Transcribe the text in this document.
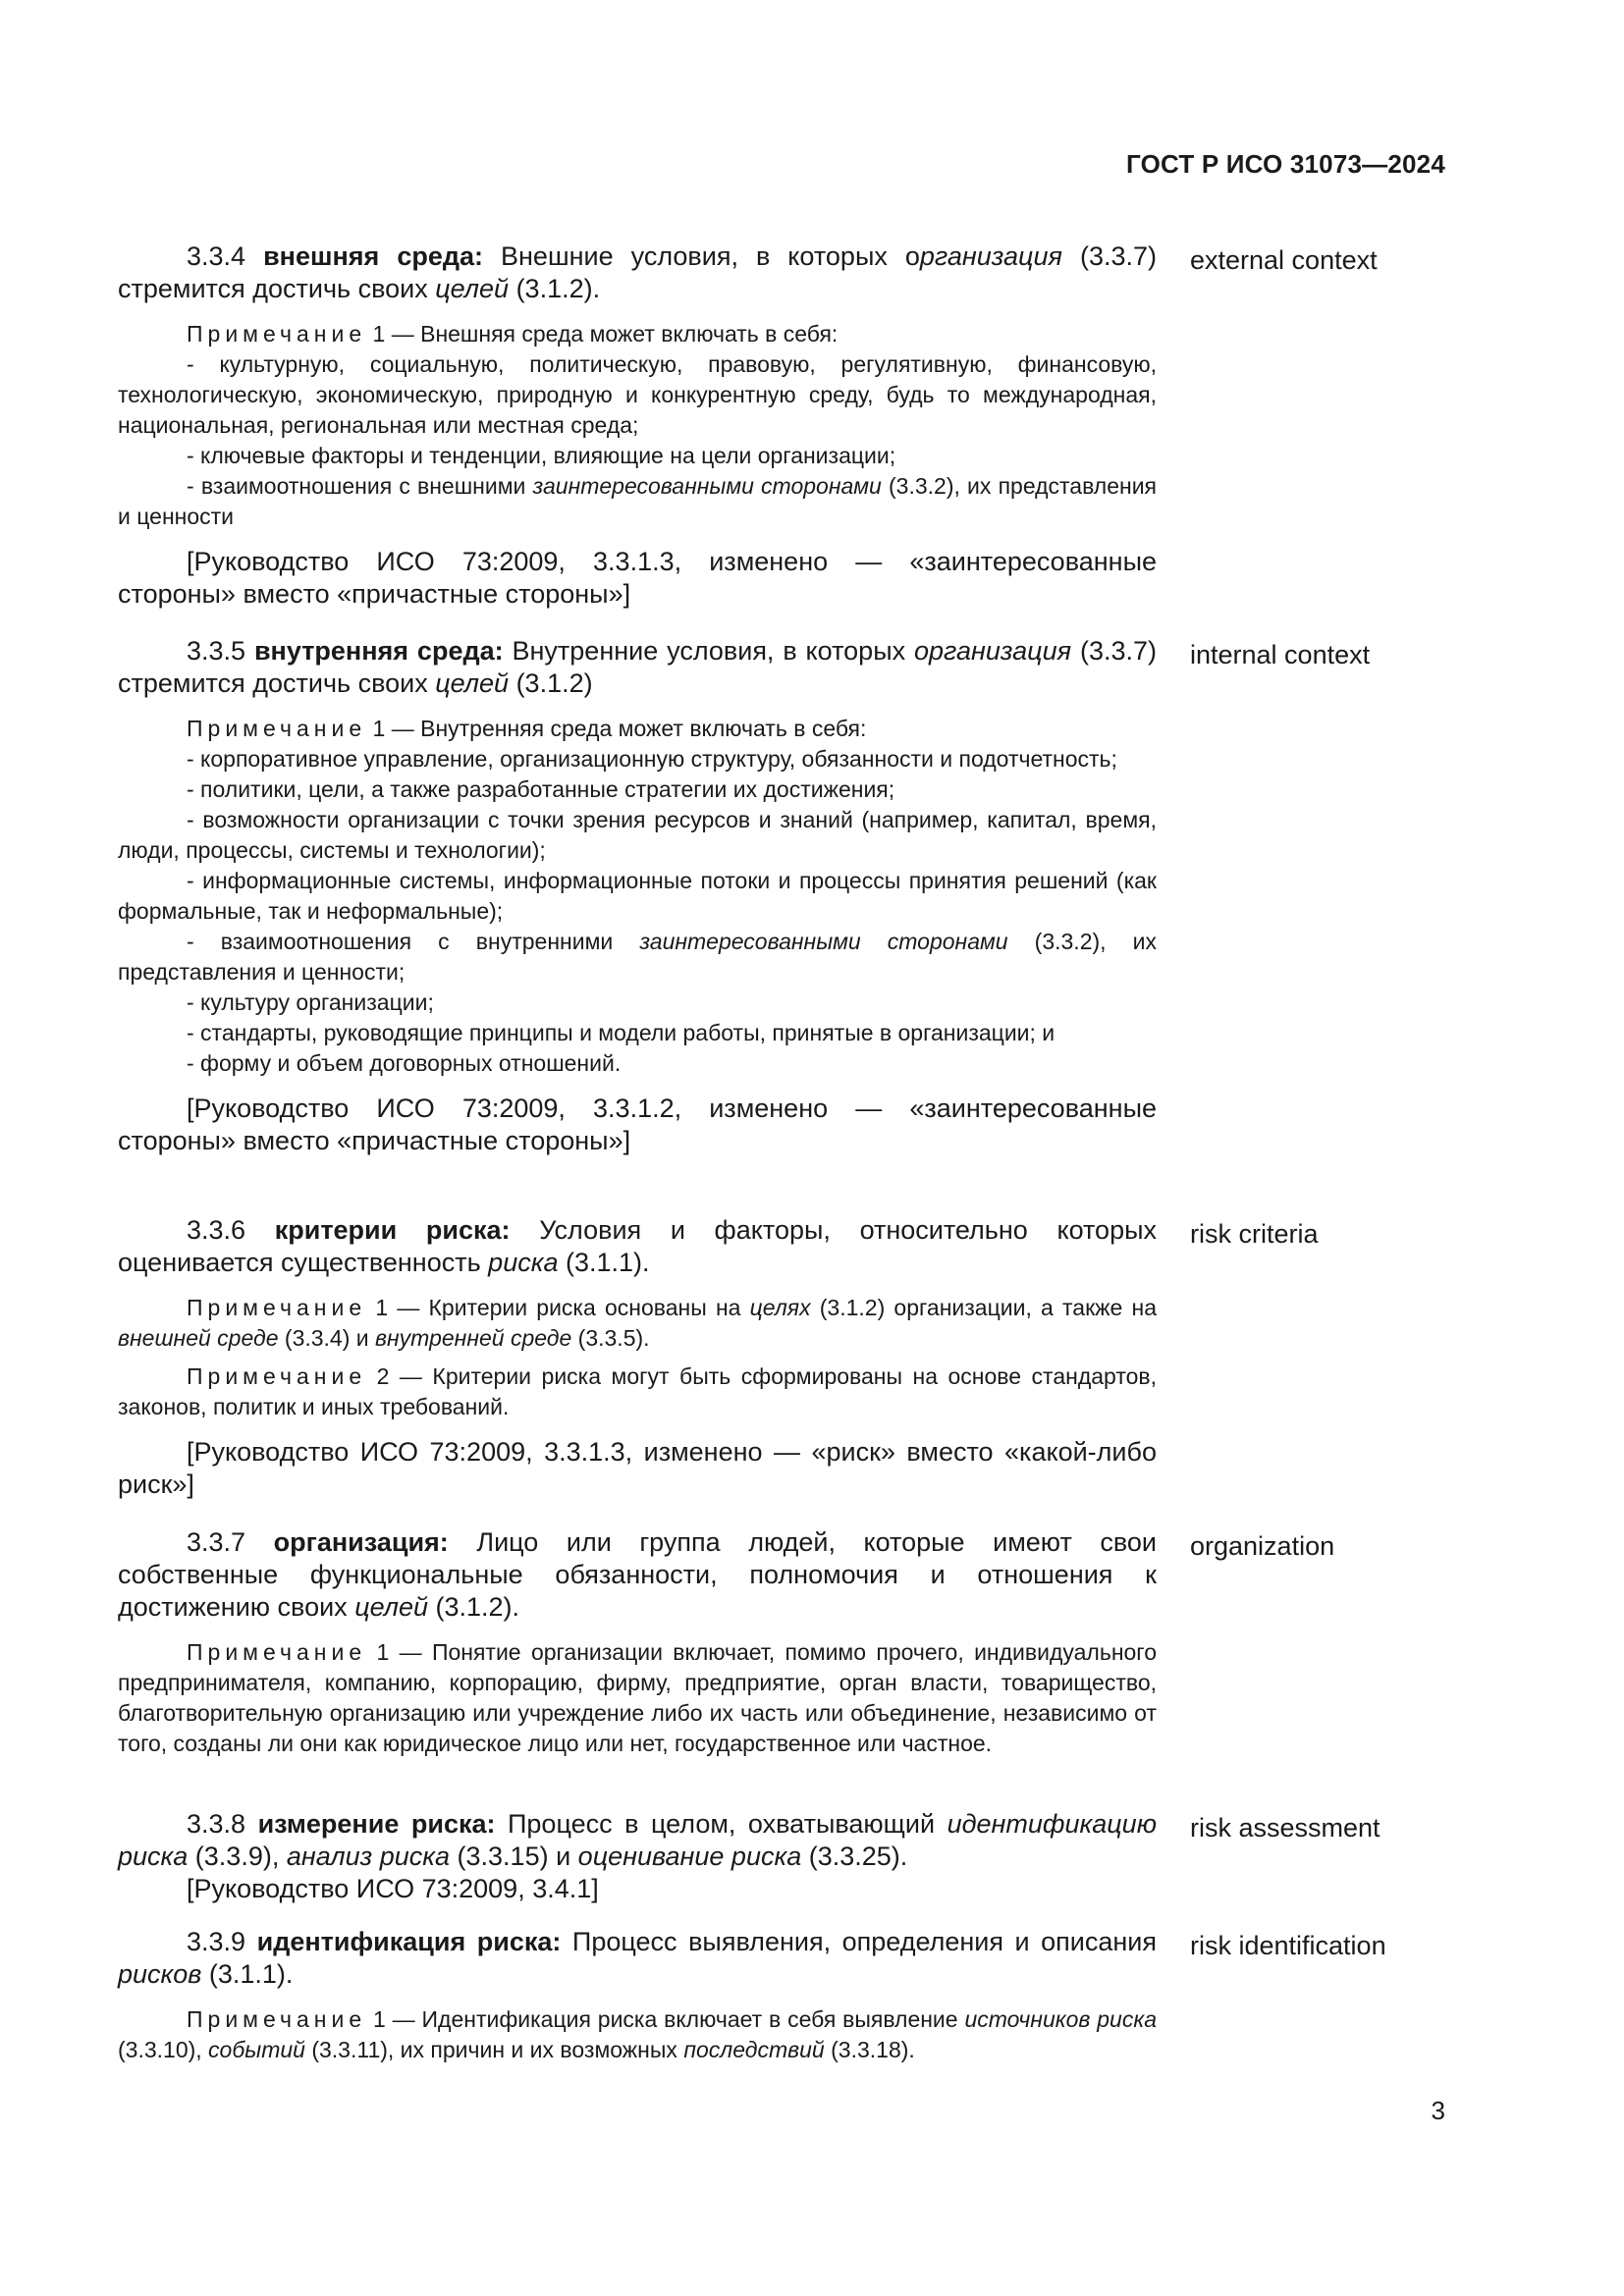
ГОСТ Р ИСО 31073—2024

3.3.4 внешняя среда: Внешние условия, в которых организация (3.3.7) стремится достичь своих целей (3.1.2).

Примечание 1 — Внешняя среда может включать в себя:

- культурную, социальную, политическую, правовую, регулятивную, финансовую, технологическую, экономическую, природную и конкурентную среду, будь то международная, национальная, региональная или местная среда;

- ключевые факторы и тенденции, влияющие на цели организации;

- взаимоотношения с внешними заинтересованными сторонами (3.3.2), их представления и ценности

[Руководство ИСО 73:2009, 3.3.1.3, изменено — «заинтересованные стороны» вместо «причастные стороны»]

external context

3.3.5 внутренняя среда: Внутренние условия, в которых организация (3.3.7) стремится достичь своих целей (3.1.2)

Примечание 1 — Внутренняя среда может включать в себя:

- корпоративное управление, организационную структуру, обязанности и подотчетность;

- политики, цели, а также разработанные стратегии их достижения;

- возможности организации с точки зрения ресурсов и знаний (например, капитал, время, люди, процессы, системы и технологии);

- информационные системы, информационные потоки и процессы принятия решений (как формальные, так и неформальные);

- взаимоотношения с внутренними заинтересованными сторонами (3.3.2), их представления и ценности;

- культуру организации;

- стандарты, руководящие принципы и модели работы, принятые в организации; и

- форму и объем договорных отношений.

[Руководство ИСО 73:2009, 3.3.1.2, изменено — «заинтересованные стороны» вместо «причастные стороны»]

internal context

3.3.6 критерии риска: Условия и факторы, относительно которых оценивается существенность риска (3.1.1).

Примечание 1 — Критерии риска основаны на целях (3.1.2) организации, а также на внешней среде (3.3.4) и внутренней среде (3.3.5).

Примечание 2 — Критерии риска могут быть сформированы на основе стандартов, законов, политик и иных требований.

[Руководство ИСО 73:2009, 3.3.1.3, изменено — «риск» вместо «какой-либо риск»]

risk criteria

3.3.7 организация: Лицо или группа людей, которые имеют свои собственные функциональные обязанности, полномочия и отношения к достижению своих целей (3.1.2).

Примечание 1 — Понятие организации включает, помимо прочего, индивидуального предпринимателя, компанию, корпорацию, фирму, предприятие, орган власти, товарищество, благотворительную организацию или учреждение либо их часть или объединение, независимо от того, созданы ли они как юридическое лицо или нет, государственное или частное.

organization

3.3.8 измерение риска: Процесс в целом, охватывающий идентификацию риска (3.3.9), анализ риска (3.3.15) и оценивание риска (3.3.25).

[Руководство ИСО 73:2009, 3.4.1]

risk assessment

3.3.9 идентификация риска: Процесс выявления, определения и описания рисков (3.1.1).

Примечание 1 — Идентификация риска включает в себя выявление источников риска (3.3.10), событий (3.3.11), их причин и их возможных последствий (3.3.18).

risk identification
3
